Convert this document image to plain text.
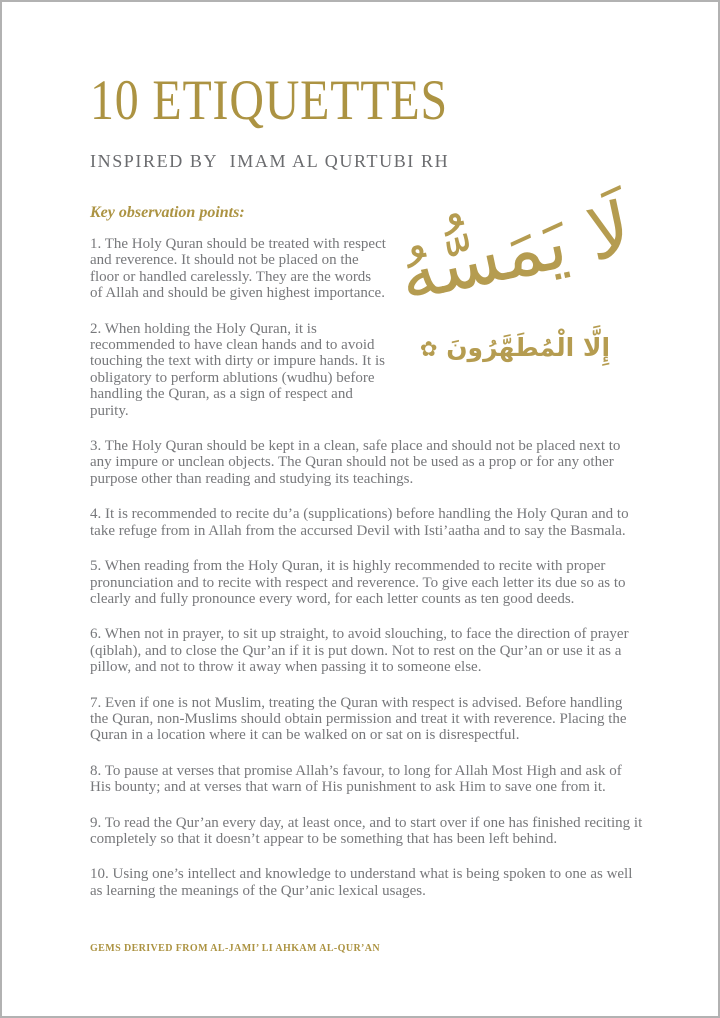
10 ETIQUETTES
INSPIRED BY  IMAM AL QURTUBI RH

Key observation points:

1. The Holy Quran should be treated with respect and reverence. It should not be placed on the floor or handled carelessly. They are the words of Allah and should be given highest importance.

2. When holding the Holy Quran, it is recommended to have clean hands and to avoid touching the text with dirty or impure hands. It is obligatory to perform ablutions (wudhu) before handling the Quran, as a sign of respect and purity.

لَا يَمَسُّهُ
إِلَّا الْمُطَهَّرُونَ ✿

3. The Holy Quran should be kept in a clean, safe place and should not be placed next to any impure or unclean objects. The Quran should not be used as a prop or for any other purpose other than reading and studying its teachings.

4. It is recommended to recite du’a (supplications) before handling the Holy Quran and to take refuge from in Allah from the accursed Devil with Isti’aatha and to say the Basmala.

5. When reading from the Holy Quran, it is highly recommended to recite with proper pronunciation and to recite with respect and reverence. To give each letter its due so as to clearly and fully pronounce every word, for each letter counts as ten good deeds.

6. When not in prayer, to sit up straight, to avoid slouching, to face the direction of prayer (qiblah), and to close the Qur’an if it is put down. Not to rest on the Qur’an or use it as a pillow, and not to throw it away when passing it to someone else.

7. Even if one is not Muslim, treating the Quran with respect is advised. Before handling the Quran, non-Muslims should obtain permission and treat it with reverence. Placing the Quran in a location where it can be walked on or sat on is disrespectful.

8. To pause at verses that promise Allah’s favour, to long for Allah Most High and ask of His bounty; and at verses that warn of His punishment to ask Him to save one from it.

9. To read the Qur’an every day, at least once, and to start over if one has finished reciting it completely so that it doesn’t appear to be something that has been left behind.

10. Using one’s intellect and knowledge to understand what is being spoken to one as well as learning the meanings of the Qur’anic lexical usages.

GEMS DERIVED FROM AL-JAMI’ LI AHKAM AL-QUR’AN
